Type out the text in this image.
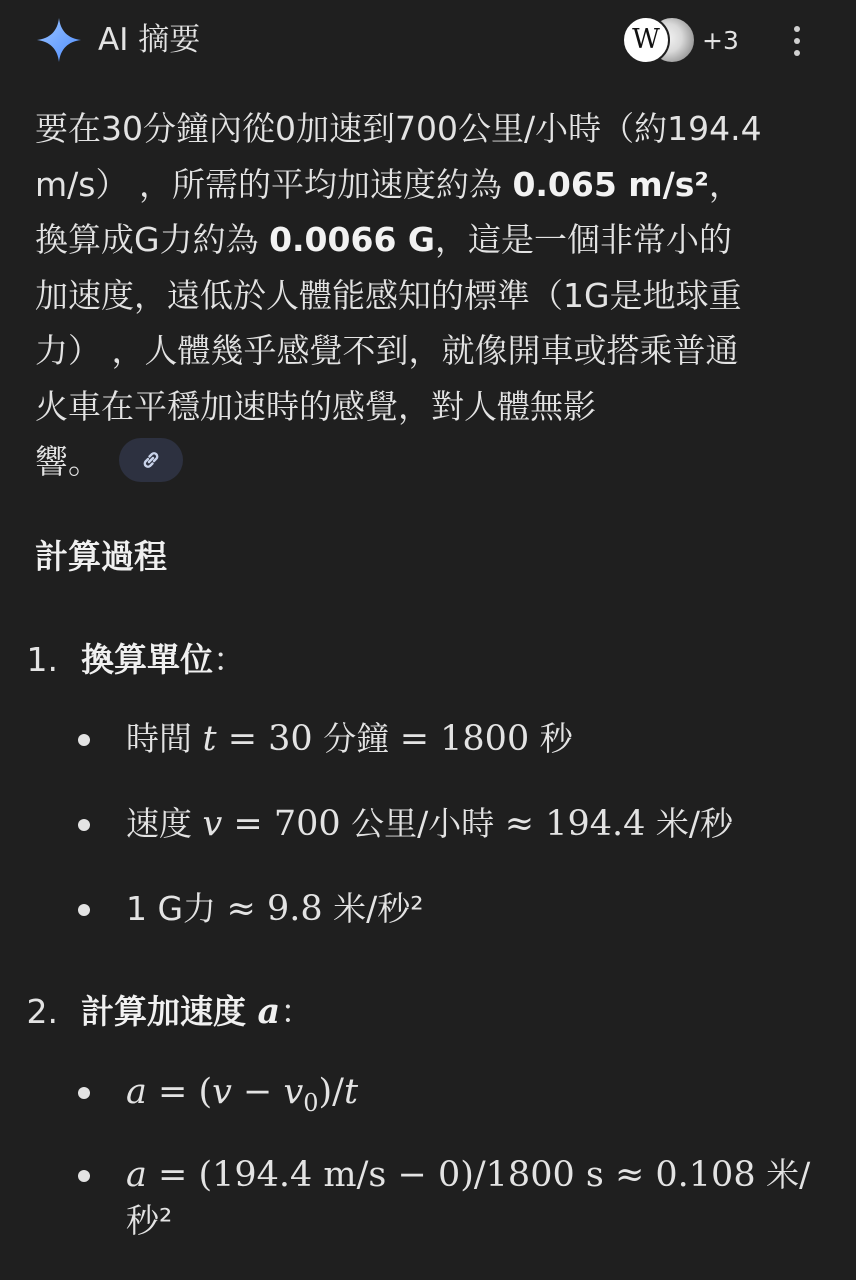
AI 摘要	W	+3
要在30分鐘內從0加速到700公里/小時（約194.4
m/s） ，所需的平均加速度約為 0.065 m/s²，
換算成G力約為 0.0066 G，這是一個非常小的
加速度，遠低於人體能感知的標準（1G是地球重
力） ，人體幾乎感覺不到，就像開車或搭乘普通
火車在平穩加速時的感覺，對人體無影
響。
計算過程
1. 換算單位：
時間 t = 30 分鐘 = 1800 秒
速度 v = 700 公里/小時 ≈ 194.4 米/秒
1 G力 ≈ 9.8 米/秒²
2. 計算加速度 a：
$a = (v - v_0)/t$
a = (194.4 m/s − 0)/1800 s ≈ 0.108 米/
秒²
